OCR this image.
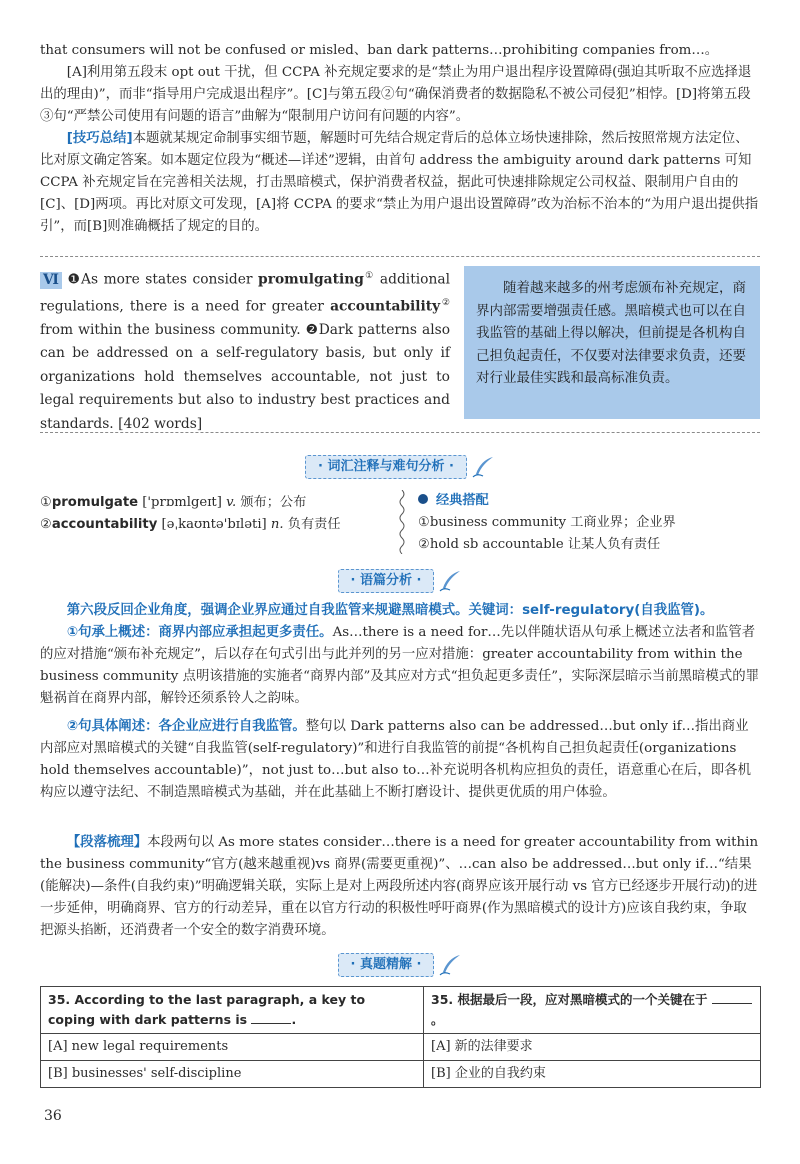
that consumers will not be confused or misled、ban dark patterns…prohibiting companies from…。
[A]利用第五段末 opt out 干扰，但 CCPA 补充规定要求的是“禁止为用户退出程序设置障碍(强迫其听取不应选择退出的理由)”，而非“指导用户完成退出程序”。[C]与第五段②句“确保消费者的数据隐私不被公司侵犯”相悖。[D]将第五段③句“严禁公司使用有问题的语言”曲解为“限制用户访问有问题的内容”。
[技巧总结]本题就某规定命制事实细节题，解题时可先结合规定背后的总体立场快速排除，然后按照常规方法定位、比对原文确定答案。如本题定位段为“概述—详述”逻辑，由首句 address the ambiguity around dark patterns 可知 CCPA 补充规定旨在完善相关法规，打击黑暗模式，保护消费者权益，据此可快速排除规定公司权益、限制用户自由的[C]、[D]两项。再比对原文可发现，[A]将 CCPA 的要求“禁止为用户退出设置障碍”改为治标不治本的“为用户退出提供指引”，而[B]则准确概括了规定的目的。
Ⅵ ❶As more states consider promulgating① additional regulations, there is a need for greater accountability② from within the business community. ❷Dark patterns also can be addressed on a self-regulatory basis, but only if organizations hold themselves accountable, not just to legal requirements but also to industry best practices and standards. [402 words]
随着越来越多的州考虑颁布补充规定，商界内部需要增强责任感。黑暗模式也可以在自我监管的基础上得以解决，但前提是各机构自己担负起责任，不仅要对法律要求负责，还要对行业最佳实践和最高标准负责。
· 词汇注释与难句分析 ·
①promulgate ['prɒmlgeɪt] v. 颁布；公布
②accountability [əˌkaʊntə'bɪləti] n. 负有责任
经典搭配
①business community 工商业界；企业界
②hold sb accountable 让某人负有责任
· 语篇分析 ·
第六段反回企业角度，强调企业界应通过自我监管来规避黑暗模式。关键词：self-regulatory(自我监管)。
①句承上概述：商界内部应承担起更多责任。As…there is a need for…先以伴随状语从句承上概述立法者和监管者的应对措施“颁布补充规定”，后以存在句式引出与此并列的另一应对措施：greater accountability from within the business community 点明该措施的实施者“商界内部”及其应对方式“担负起更多责任”，实际深层暗示当前黑暗模式的罪魁祸首在商界内部，解铃还须系铃人之韵味。
②句具体阐述：各企业应进行自我监管。整句以 Dark patterns also can be addressed…but only if…指出商业内部应对黑暗模式的关键“自我监管(self-regulatory)”和进行自我监管的前提“各机构自己担负起责任(organizations hold themselves accountable)”，not just to…but also to…补充说明各机构应担负的责任，语意重心在后，即各机构应以遵守法纪、不制造黑暗模式为基础，并在此基础上不断打磨设计、提供更优质的用户体验。
【段落梳理】本段两句以 As more states consider…there is a need for greater accountability from within the business community“官方(越来越重视)vs 商界(需要更重视)”、…can also be addressed…but only if…“结果(能解决)—条件(自我约束)”明确逻辑关联，实际上是对上两段所述内容(商界应该开展行动 vs 官方已经逐步开展行动)的进一步延伸，明确商界、官方的行动差异，重在以官方行动的积极性呼吁商界(作为黑暗模式的设计方)应该自我约束，争取把源头掐断，还消费者一个安全的数字消费环境。
· 真题精解 ·
35. According to the last paragraph, a key to coping with dark patterns is .	35. 根据最后一段，应对黑暗模式的一个关键在于 。
[A] new legal requirements	[A] 新的法律要求
[B] businesses' self-discipline	[B] 企业的自我约束
36
